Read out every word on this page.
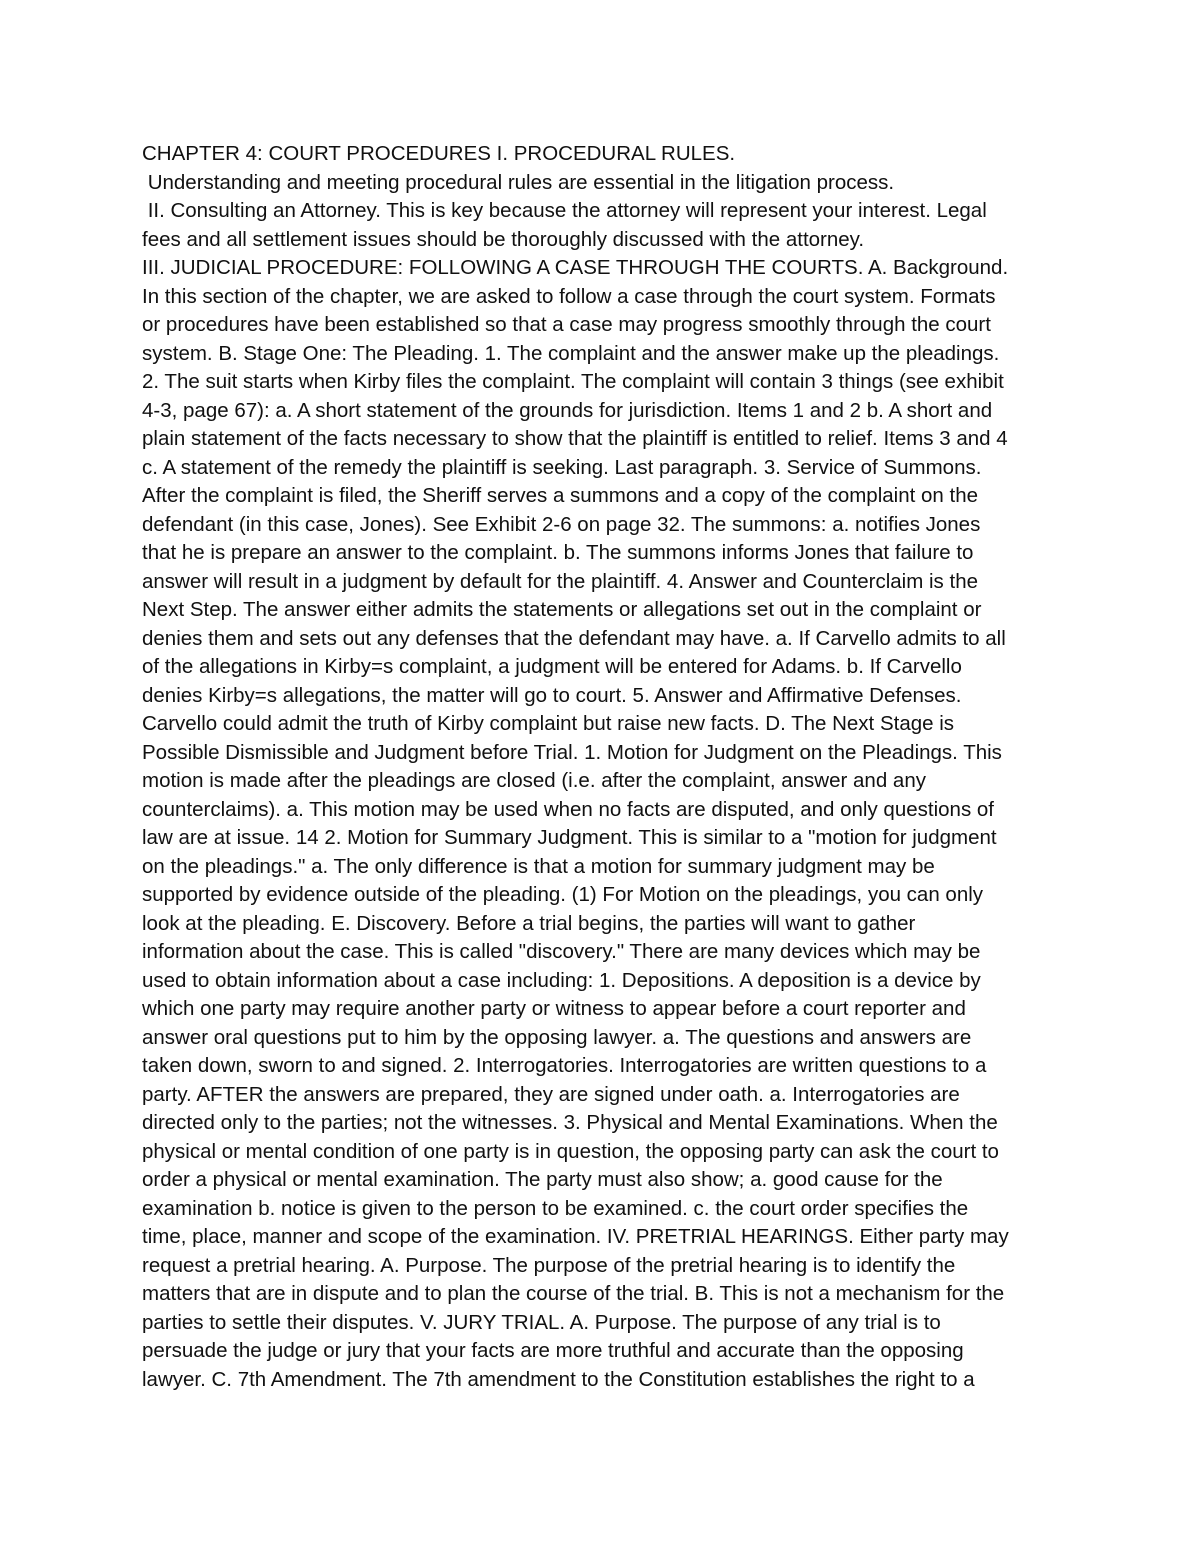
CHAPTER 4: COURT PROCEDURES I. PROCEDURAL RULES.
Understanding and meeting procedural rules are essential in the litigation process.
II. Consulting an Attorney. This is key because the attorney will represent your interest. Legal
fees and all settlement issues should be thoroughly discussed with the attorney.
III. JUDICIAL PROCEDURE: FOLLOWING A CASE THROUGH THE COURTS. A. Background.
In this section of the chapter, we are asked to follow a case through the court system. Formats
or procedures have been established so that a case may progress smoothly through the court
system. B. Stage One: The Pleading. 1. The complaint and the answer make up the pleadings.
2. The suit starts when Kirby files the complaint. The complaint will contain 3 things (see exhibit
4-3, page 67): a. A short statement of the grounds for jurisdiction. Items 1 and 2 b. A short and
plain statement of the facts necessary to show that the plaintiff is entitled to relief. Items 3 and 4
c. A statement of the remedy the plaintiff is seeking. Last paragraph. 3. Service of Summons.
After the complaint is filed, the Sheriff serves a summons and a copy of the complaint on the
defendant (in this case, Jones). See Exhibit 2-6 on page 32. The summons: a. notifies Jones
that he is prepare an answer to the complaint. b. The summons informs Jones that failure to
answer will result in a judgment by default for the plaintiff. 4. Answer and Counterclaim is the
Next Step. The answer either admits the statements or allegations set out in the complaint or
denies them and sets out any defenses that the defendant may have. a. If Carvello admits to all
of the allegations in Kirby=s complaint, a judgment will be entered for Adams. b. If Carvello
denies Kirby=s allegations, the matter will go to court. 5. Answer and Affirmative Defenses.
Carvello could admit the truth of Kirby complaint but raise new facts. D. The Next Stage is
Possible Dismissible and Judgment before Trial. 1. Motion for Judgment on the Pleadings. This
motion is made after the pleadings are closed (i.e. after the complaint, answer and any
counterclaims). a. This motion may be used when no facts are disputed, and only questions of
law are at issue. 14 2. Motion for Summary Judgment. This is similar to a "motion for judgment
on the pleadings." a. The only difference is that a motion for summary judgment may be
supported by evidence outside of the pleading. (1) For Motion on the pleadings, you can only
look at the pleading. E. Discovery. Before a trial begins, the parties will want to gather
information about the case. This is called "discovery." There are many devices which may be
used to obtain information about a case including: 1. Depositions. A deposition is a device by
which one party may require another party or witness to appear before a court reporter and
answer oral questions put to him by the opposing lawyer. a. The questions and answers are
taken down, sworn to and signed. 2. Interrogatories. Interrogatories are written questions to a
party. AFTER the answers are prepared, they are signed under oath. a. Interrogatories are
directed only to the parties; not the witnesses. 3. Physical and Mental Examinations. When the
physical or mental condition of one party is in question, the opposing party can ask the court to
order a physical or mental examination. The party must also show; a. good cause for the
examination b. notice is given to the person to be examined. c. the court order specifies the
time, place, manner and scope of the examination. IV. PRETRIAL HEARINGS. Either party may
request a pretrial hearing. A. Purpose. The purpose of the pretrial hearing is to identify the
matters that are in dispute and to plan the course of the trial. B. This is not a mechanism for the
parties to settle their disputes. V. JURY TRIAL. A. Purpose. The purpose of any trial is to
persuade the judge or jury that your facts are more truthful and accurate than the opposing
lawyer. C. 7th Amendment. The 7th amendment to the Constitution establishes the right to a
